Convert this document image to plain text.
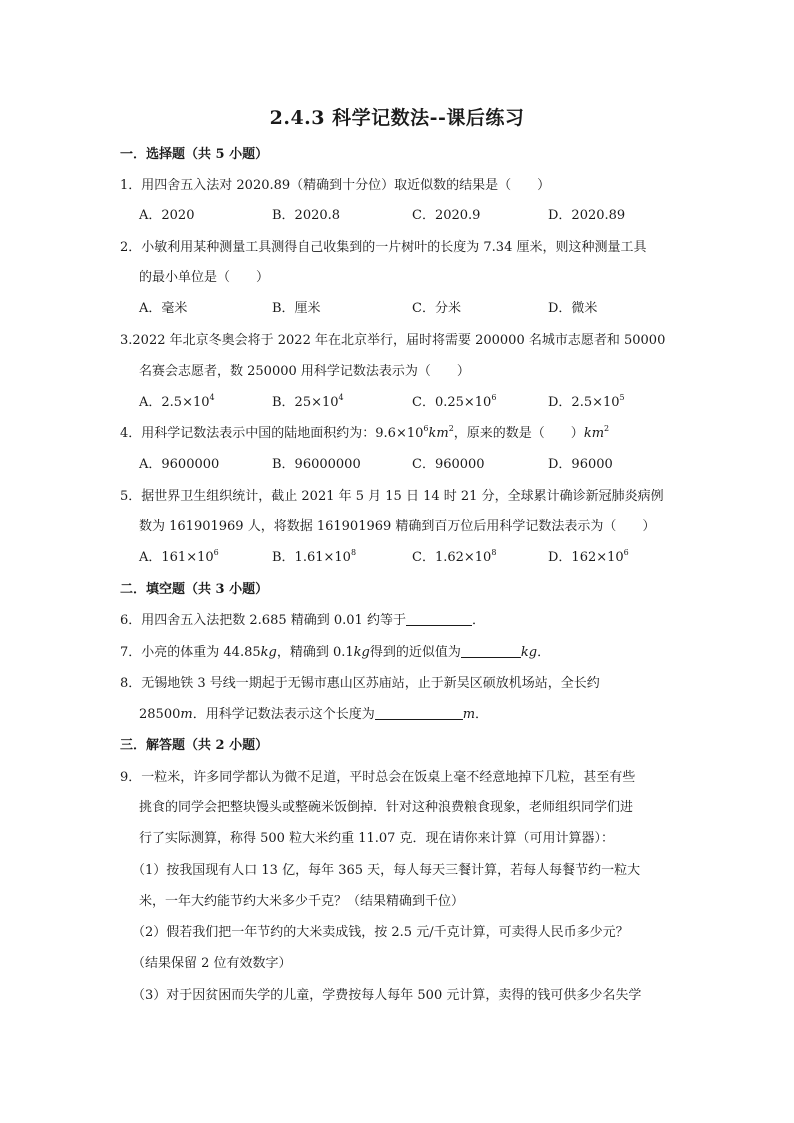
2.4.3 科学记数法--课后练习
一．选择题（共 5 小题）
1．用四舍五入法对 2020.89（精确到十分位）取近似数的结果是（　　）
A．2020	B．2020.8	C．2020.9	D．2020.89
2．小敏利用某种测量工具测得自己收集到的一片树叶的长度为 7.34 厘米，则这种测量工具
的最小单位是（　　）
A．毫米	B．厘米	C．分米	D．微米
3.2022 年北京冬奥会将于 2022 年在北京举行，届时将需要 200000 名城市志愿者和 50000
名赛会志愿者，数 250000 用科学记数法表示为（　　）
A．$2.5\times 10^4$	B．$25\times 10^4$	C．$0.25\times 10^6$	D．$2.5\times 10^5$
4．用科学记数法表示中国的陆地面积约为：$9.6\times 10^6km^2$，原来的数是（　　）$km^2$
A．9600000	B．96000000	C．960000	D．96000
5．据世界卫生组织统计，截止 2021 年 5 月 15 日 14 时 21 分，全球累计确诊新冠肺炎病例
数为 161901969 人，将数据 161901969 精确到百万位后用科学记数法表示为（　　）
A．$161\times 10^6$	B．$1.61\times 10^8$	C．$1.62\times 10^8$	D．$162\times 10^6$
二．填空题（共 3 小题）
6．用四舍五入法把数 2.685 精确到 0.01 约等于	．
7．小亮的体重为 44.85kg，精确到 0.1kg得到的近似值为	kg．
8．无锡地铁 3 号线一期起于无锡市惠山区苏庙站，止于新吴区硕放机场站，全长约
28500m．用科学记数法表示这个长度为	m．
三．解答题（共 2 小题）
9．一粒米，许多同学都认为微不足道，平时总会在饭桌上毫不经意地掉下几粒，甚至有些
挑食的同学会把整块馒头或整碗米饭倒掉．针对这种浪费粮食现象，老师组织同学们进
行了实际测算，称得 500 粒大米约重 11.07 克．现在请你来计算（可用计算器）：
（1）按我国现有人口 13 亿，每年 365 天，每人每天三餐计算，若每人每餐节约一粒大
米，一年大约能节约大米多少千克？（结果精确到千位）
（2）假若我们把一年节约的大米卖成钱，按 2.5 元/千克计算，可卖得人民币多少元？
（结果保留 2 位有效数字）
（3）对于因贫困而失学的儿童，学费按每人每年 500 元计算，卖得的钱可供多少名失学
